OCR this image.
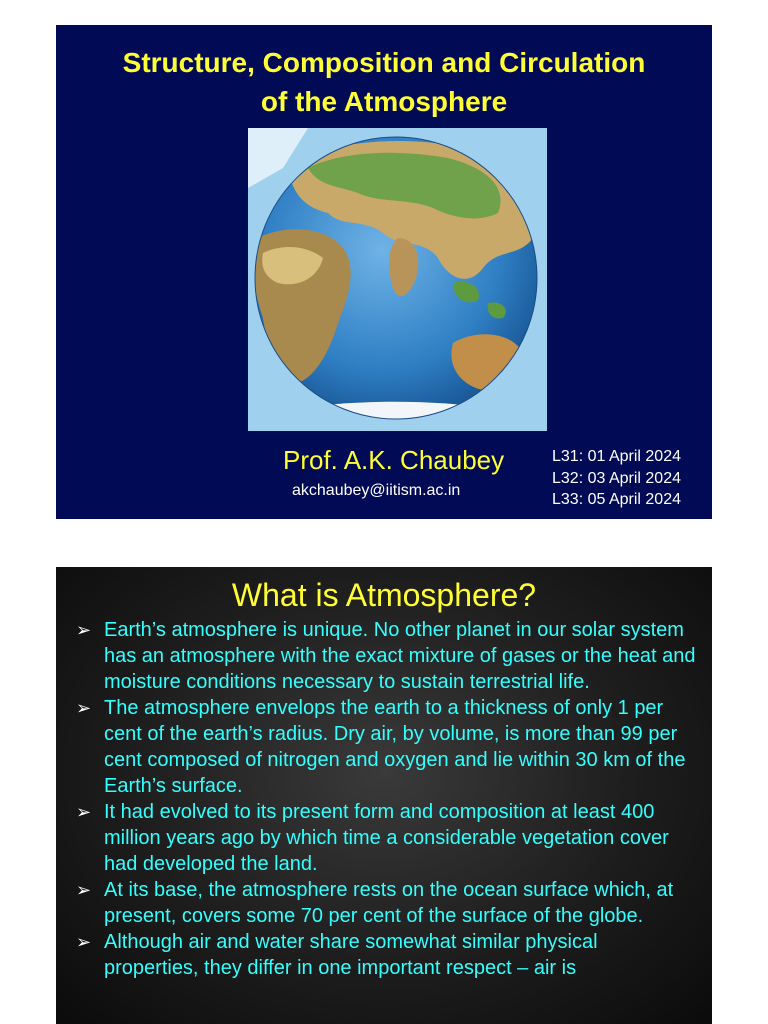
Structure, Composition and Circulation
of the Atmosphere
Prof. A.K. Chaubey
akchaubey@iitism.ac.in
L31: 01 April 2024
L32: 03 April 2024
L33: 05 April 2024
What is Atmosphere?
➢ Earth’s atmosphere is unique. No other planet in our solar system has an atmosphere with the exact mixture of gases or the heat and moisture conditions necessary to sustain terrestrial life.
➢ The atmosphere envelops the earth to a thickness of only 1 per cent of the earth’s radius. Dry air, by volume, is more than 99 per cent composed of nitrogen and oxygen and lie within 30 km of the Earth’s surface.
➢ It had evolved to its present form and composition at least 400 million years ago by which time a considerable vegetation cover had developed the land.
➢ At its base, the atmosphere rests on the ocean surface which, at present, covers some 70 per cent of the surface of the globe.
➢ Although air and water share somewhat similar physical properties, they differ in one important respect – air is
